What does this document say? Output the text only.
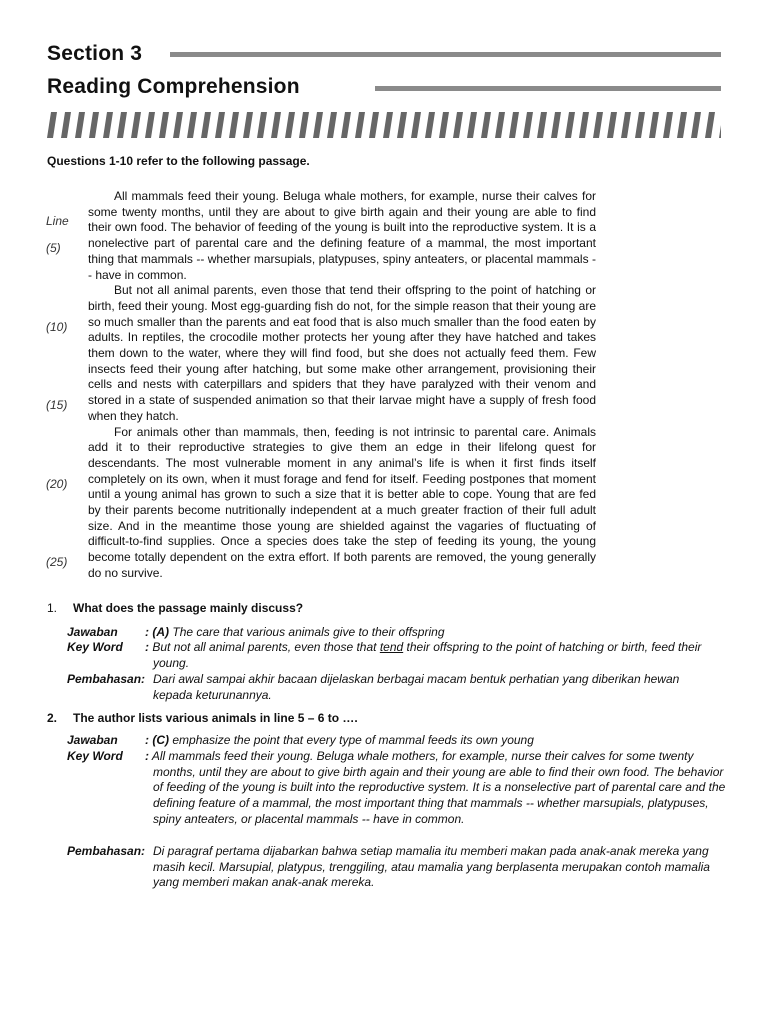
Section 3
Reading Comprehension
Questions 1-10 refer to the following passage.
Line
(5)
(10)
(15)
(20)
(25)

All mammals feed their young. Beluga whale mothers, for example, nurse their calves for some twenty months, until they are about to give birth again and their young are able to find their own food. The behavior of feeding of the young is built into the reproductive system. It is a nonelective part of parental care and the defining feature of a mammal, the most important thing that mammals -- whether marsupials, platypuses, spiny anteaters, or placental mammals -- have in common.

But not all animal parents, even those that tend their offspring to the point of hatching or birth, feed their young. Most egg-guarding fish do not, for the simple reason that their young are so much smaller than the parents and eat food that is also much smaller than the food eaten by adults. In reptiles, the crocodile mother protects her young after they have hatched and takes them down to the water, where they will find food, but she does not actually feed them. Few insects feed their young after hatching, but some make other arrangement, provisioning their cells and nests with caterpillars and spiders that they have paralyzed with their venom and stored in a state of suspended animation so that their larvae might have a supply of fresh food when they hatch.

For animals other than mammals, then, feeding is not intrinsic to parental care. Animals add it to their reproductive strategies to give them an edge in their lifelong quest for descendants. The most vulnerable moment in any animal’s life is when it first finds itself completely on its own, when it must forage and fend for itself. Feeding postpones that moment until a young animal has grown to such a size that it is better able to cope. Young that are fed by their parents become nutritionally independent at a much greater fraction of their full adult size. And in the meantime those young are shielded against the vagaries of fluctuating of difficult-to-find supplies. Once a species does take the step of feeding its young, the young become totally dependent on the extra effort. If both parents are removed, the young generally do no survive.

1. What does the passage mainly discuss?
Jawaban : (A) The care that various animals give to their offspring
Key Word : But not all animal parents, even those that tend their offspring to the point of hatching or birth, feed their young.
Pembahasan: Dari awal sampai akhir bacaan dijelaskan berbagai macam bentuk perhatian yang diberikan hewan kepada keturunannya.
2. The author lists various animals in line 5 – 6 to ….
Jawaban : (C) emphasize the point that every type of mammal feeds its own young
Key Word : All mammals feed their young. Beluga whale mothers, for example, nurse their calves for some twenty months, until they are about to give birth again and their young are able to find their own food. The behavior of feeding of the young is built into the reproductive system. It is a nonselective part of parental care and the defining feature of a mammal, the most important thing that mammals -- whether marsupials, platypuses, spiny anteaters, or placental mammals -- have in common.
Pembahasan: Di paragraf pertama dijabarkan bahwa setiap mamalia itu memberi makan pada anak-anak mereka yang masih kecil. Marsupial, platypus, trenggiling, atau mamalia yang berplasenta merupakan contoh mamalia yang memberi makan anak-anak mereka.
